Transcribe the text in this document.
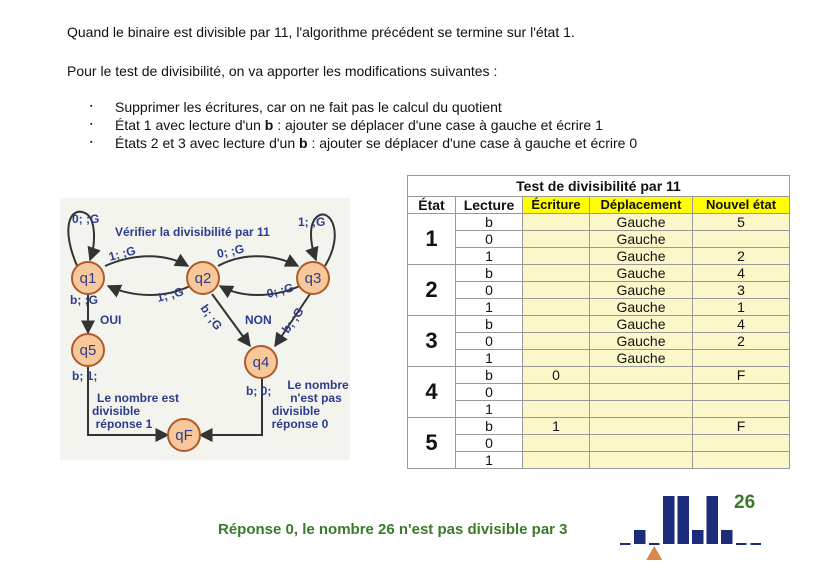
Quand le binaire est divisible par 11, l'algorithme précédent se termine sur l'état 1.
Pour le test de divisibilité, on va apporter les modifications suivantes :
▪ Supprimer les écritures, car on ne fait pas le calcul du quotient
▪ État 1 avec lecture d'un b : ajouter se déplacer d'une case à gauche et écrire 1
▪ États 2 et 3 avec lecture d'un b : ajouter se déplacer d'une case à gauche et écrire 0
q1	q2	q3
q5
q4
qF
Vérifier la divisibilité par 11
0; ;G	1; ;G
1; ;G
1; ;G
0; ;G
0; ;G
b; ;G
OUI	b; ;G	b; ;G
NON
b; 1;
b; 0;
Le nombre est
divisible
réponse 1
Le nombre
n'est pas
divisible
réponse 0
Test de divisibilité par 11				
État	Lecture	Écriture	Déplacement	Nouvel état
1	b		Gauche	5
	0		Gauche	
	1		Gauche	2
2	b		Gauche	4
	0		Gauche	3
	1		Gauche	1
3	b		Gauche	4
	0		Gauche	2
	1		Gauche	
4	b	0		F
	0			
	1			
5	b	1		F
	0			
	1			
Réponse 0, le nombre 26 n'est pas divisible par 3
26
